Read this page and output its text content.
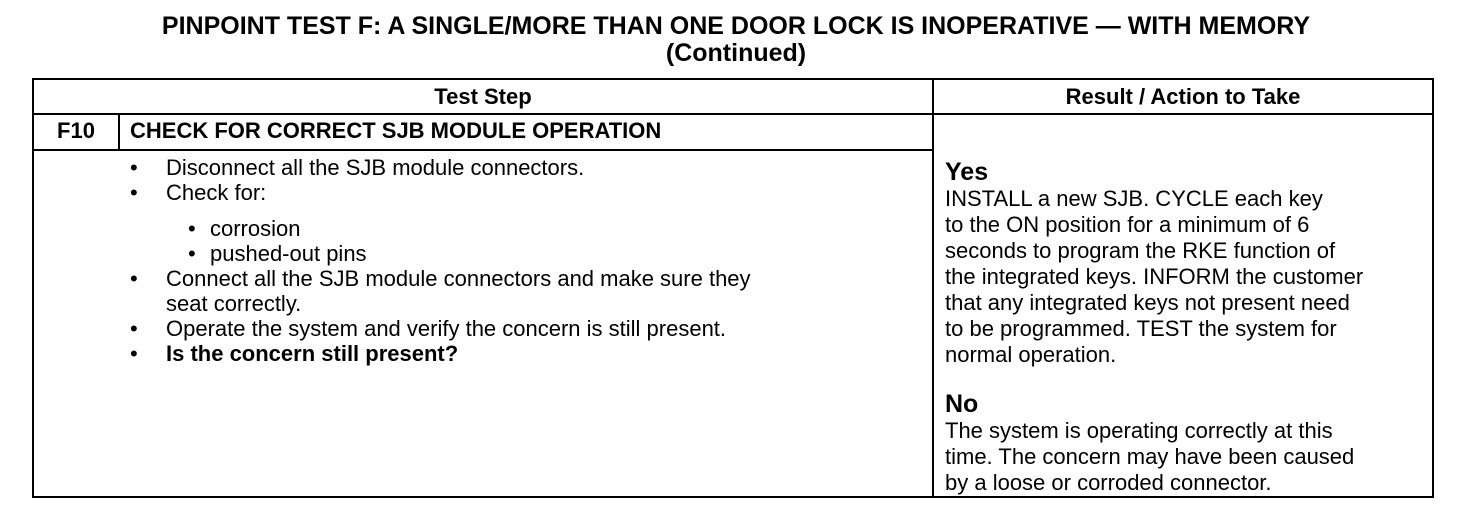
PINPOINT TEST F: A SINGLE/MORE THAN ONE DOOR LOCK IS INOPERATIVE — WITH MEMORY
(Continued)
Test Step	Result / Action to Take
F10	CHECK FOR CORRECT SJB MODULE OPERATION
• Disconnect all the SJB module connectors.
• Check for:
• corrosion
• pushed-out pins
• Connect all the SJB module connectors and make sure they
seat correctly.
• Operate the system and verify the concern is still present.
• Is the concern still present?
Yes
INSTALL a new SJB. CYCLE each key
to the ON position for a minimum of 6
seconds to program the RKE function of
the integrated keys. INFORM the customer
that any integrated keys not present need
to be programmed. TEST the system for
normal operation.
No
The system is operating correctly at this
time. The concern may have been caused
by a loose or corroded connector.
